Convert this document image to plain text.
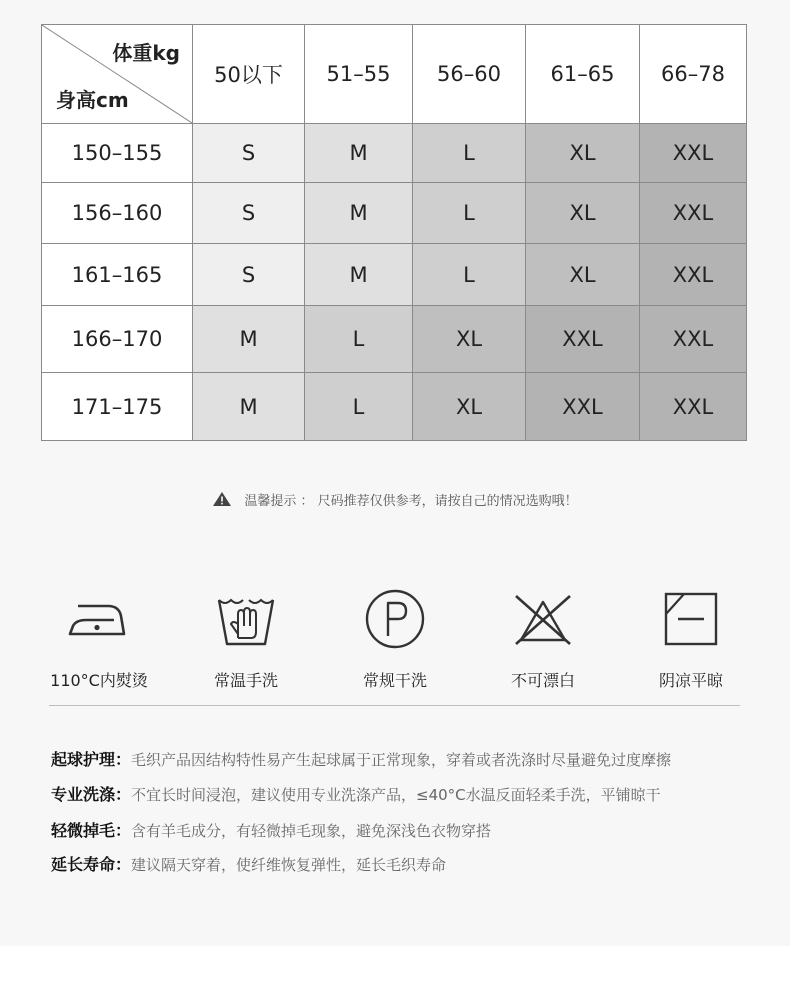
体重kg
身高cm	50以下	51–55	56–60	61–65	66–78
150–155	S	M	L	XL	XXL
156–160	S	M	L	XL	XXL
161–165	S	M	L	XL	XXL
166–170	M	L	XL	XXL	XXL
171–175	M	L	XL	XXL	XXL
温馨提示 ： 尺码推荐仅供参考，请按自己的情况选购哦！
110°C内熨烫	常温手洗	常规干洗	不可漂白	阴凉平晾
起球护理：毛织产品因结构特性易产生起球属于正常现象，穿着或者洗涤时尽量避免过度摩擦
专业洗涤：不宜长时间浸泡，建议使用专业洗涤产品，≤40°C水温反面轻柔手洗，平铺晾干
轻微掉毛：含有羊毛成分，有轻微掉毛现象，避免深浅色衣物穿搭
延长寿命：建议隔天穿着，使纤维恢复弹性，延长毛织寿命
